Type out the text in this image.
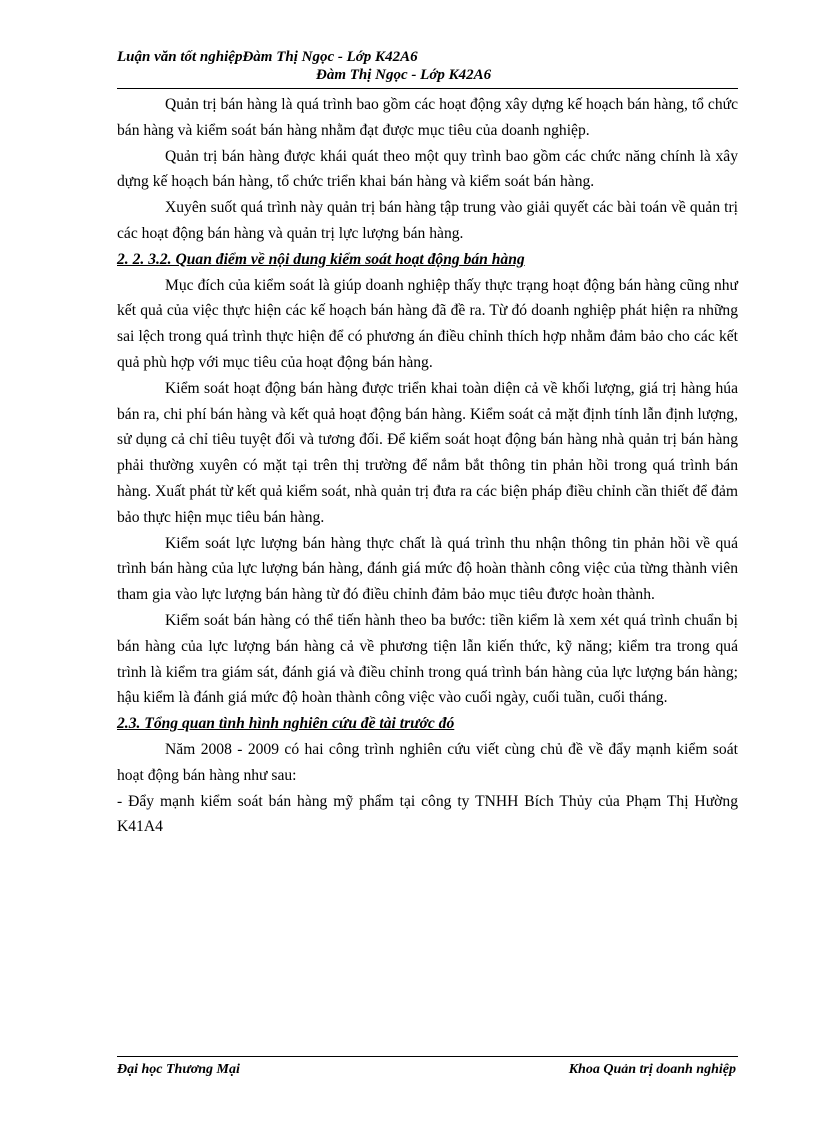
Luận văn tốt nghiệpĐàm Thị Ngọc - Lớp K42A6
Đàm Thị Ngọc - Lớp K42A6

Quản trị bán hàng là quá trình bao gồm các hoạt động xây dựng kế hoạch bán hàng, tổ chức bán hàng và kiểm soát bán hàng nhằm đạt được mục tiêu của doanh nghiệp.

Quản trị bán hàng được khái quát theo một quy trình bao gồm các chức năng chính là xây dựng kế hoạch bán hàng, tổ chức triển khai bán hàng và kiểm soát bán hàng.

Xuyên suốt quá trình này quản trị bán hàng tập trung vào giải quyết các bài toán về quản trị các hoạt động bán hàng và quản trị lực lượng bán hàng.

2. 2. 3.2. Quan điểm về nội dung kiểm soát hoạt động bán hàng

Mục đích của kiểm soát là giúp doanh nghiệp thấy thực trạng hoạt động bán hàng cũng như kết quả của việc thực hiện các kế hoạch bán hàng đã đề ra. Từ đó doanh nghiệp phát hiện ra những sai lệch trong quá trình thực hiện để có phương án điều chỉnh thích hợp nhằm đảm bảo cho các kết quả phù hợp với mục tiêu của hoạt động bán hàng.

Kiểm soát hoạt động bán hàng được triển khai toàn diện cả về khối lượng, giá trị hàng húa bán ra, chi phí bán hàng và kết quả hoạt động bán hàng. Kiểm soát cả mặt định tính lẫn định lượng, sử dụng cả chỉ tiêu tuyệt đối và tương đối. Để kiểm soát hoạt động bán hàng nhà quản trị bán hàng phải thường xuyên có mặt tại trên thị trường để nắm bắt thông tin phản hồi trong quá trình bán hàng. Xuất phát từ kết quả kiểm soát, nhà quản trị đưa ra các biện pháp điều chỉnh cần thiết để đảm bảo thực hiện mục tiêu bán hàng.

Kiểm soát lực lượng bán hàng thực chất là quá trình thu nhận thông tin phản hồi về quá trình bán hàng của lực lượng bán hàng, đánh giá mức độ hoàn thành công việc của từng thành viên tham gia vào lực lượng bán hàng từ đó điều chỉnh đảm bảo mục tiêu được hoàn thành.

Kiểm soát bán hàng có thể tiến hành theo ba bước: tiền kiểm là xem xét quá trình chuẩn bị bán hàng của lực lượng bán hàng cả về phương tiện lẫn kiến thức, kỹ năng; kiểm tra trong quá trình là kiểm tra giám sát, đánh giá và điều chỉnh trong quá trình bán hàng của lực lượng bán hàng; hậu kiểm là đánh giá mức độ hoàn thành công việc vào cuối ngày, cuối tuần, cuối tháng.

2.3. Tổng quan tình hình nghiên cứu đề tài trước đó

Năm 2008 - 2009 có hai công trình nghiên cứu viết cùng chủ đề về đẩy mạnh kiểm soát hoạt động bán hàng như sau:

- Đẩy mạnh kiểm soát bán hàng mỹ phẩm tại công ty TNHH Bích Thủy của Phạm Thị Hường K41A4

Đại học Thương Mại	Khoa Quản trị doanh nghiệp
